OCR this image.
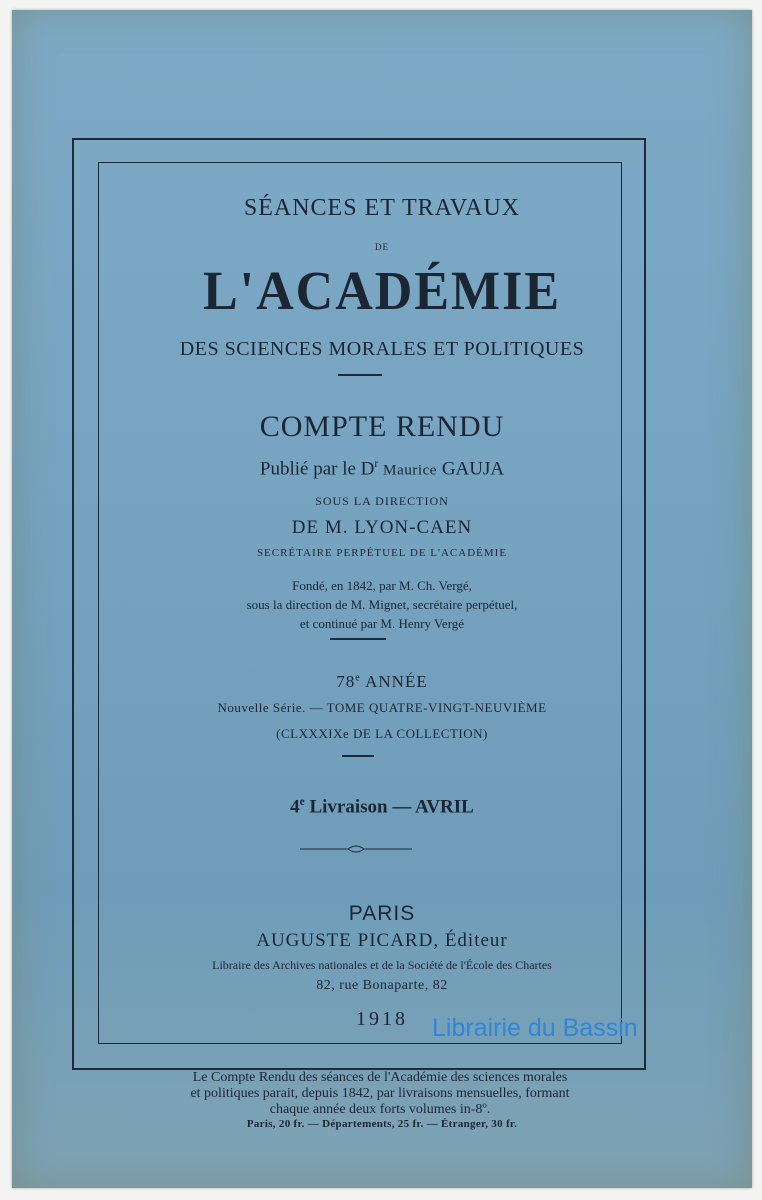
SÉANCES ET TRAVAUX
DE
L'ACADÉMIE
DES SCIENCES MORALES ET POLITIQUES
COMPTE RENDU
Publié par le $D^r$ Maurice GAUJA
SOUS LA DIRECTION
DE M. LYON-CAEN
SECRÉTAIRE PERPÉTUEL DE L'ACADÉMIE
Fondé, en 1842, par M. Ch. Vergé,
sous la direction de M. Mignet, secrétaire perpétuel,
et continué par M. Henry Vergé
78e ANNÉE
Nouvelle Série. — TOME QUATRE-VINGT-NEUVIÈME
(CLXXXIXe DE LA COLLECTION)
4e Livraison — AVRIL
PARIS
AUGUSTE PICARD, Éditeur
Libraire des Archives nationales et de la Société de l'École des Chartes
82, rue Bonaparte, 82
1918 Librairie du Bassin
Le Compte Rendu des séances de l'Académie des sciences morales
et politiques parait, depuis 1842, par livraisons mensuelles, formant
chaque année deux forts volumes in-8º.
Paris, 20 fr. — Départements, 25 fr. — Étranger, 30 fr.
